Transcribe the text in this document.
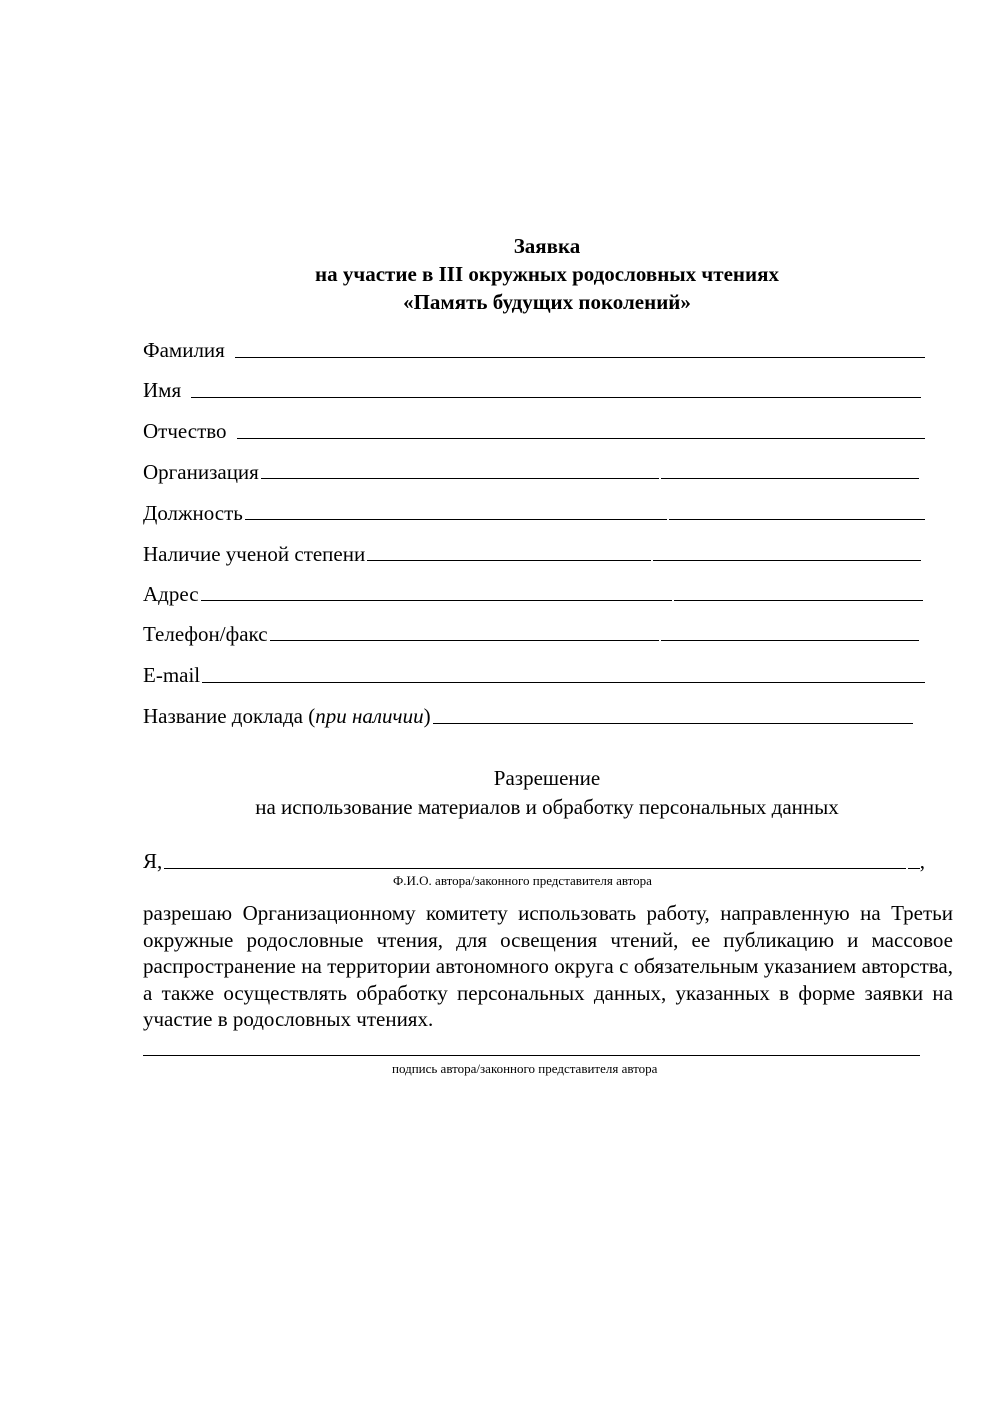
Заявка
на участие в III окружных родословных чтениях
«Память будущих поколений»
Фамилия
Имя
Отчество
Организация
Должность
Наличие ученой степени
Адрес
Телефон/факс
E-mail
Название доклада (при наличии)
Разрешение
на использование материалов и обработку персональных данных
Я,	,
Ф.И.О. автора/законного представителя автора
разрешаю Организационному комитету использовать работу, направленную на Третьи окружные родословные чтения, для освещения чтений, ее публикацию и массовое распространение на территории автономного округа с обязательным указанием авторства, а также осуществлять обработку персональных данных, указанных в форме заявки на участие в родословных чтениях.
подпись автора/законного представителя автора
